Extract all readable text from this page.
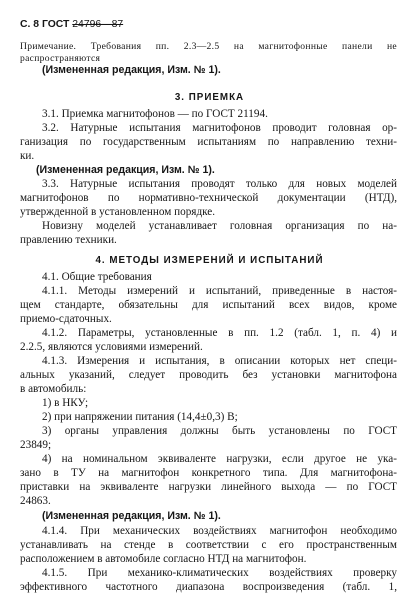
С. 8 ГОСТ 24796—87
Примечание. Требования пп. 2.3—2.5 на магнитофонные панели не
распространяются
(Измененная редакция, Изм. № 1).
3. ПРИЕМКА
3.1. Приемка магнитофонов — по ГОСТ 21194.
3.2. Натурные испытания магнитофонов проводит головная ор-
ганизация по государственным испытаниям по направлению техни-
ки.
(Измененная редакция, Изм. № 1).
3.3. Натурные испытания проводят только для новых моделей
магнитофонов по нормативно-технической документации (НТД),
утвержденной в установленном порядке.
Новизну моделей устанавливает головная организация по на-
правлению техники.
4. МЕТОДЫ ИЗМЕРЕНИЙ И ИСПЫТАНИЙ
4.1. Общие требования
4.1.1. Методы измерений и испытаний, приведенные в настоя-
щем стандарте, обязательны для испытаний всех видов, кроме
приемо-сдаточных.
4.1.2. Параметры, установленные в пп. 1.2 (табл. 1, п. 4) и
2.2.5, являются условиями измерений.
4.1.3. Измерения и испытания, в описании которых нет специ-
альных указаний, следует проводить без установки магнитофона
в автомобиль:
1) в НКУ;
2) при напряжении питания (14,4±0,3) В;
3) органы управления должны быть установлены по ГОСТ
23849;
4) на номинальном эквиваленте нагрузки, если другое не ука-
зано в ТУ на магнитофон конкретного типа. Для магнитофона-
приставки на эквиваленте нагрузки линейного выхода — по ГОСТ
24863.
(Измененная редакция, Изм. № 1).
4.1.4. При механических воздействиях магнитофон необходимо
устанавливать на стенде в соответствии с его пространственным
расположением в автомобиле согласно НТД на магнитофон.
4.1.5. При механико-климатических воздействиях проверку
эффективного частотного диапазона воспроизведения (табл. 1,
